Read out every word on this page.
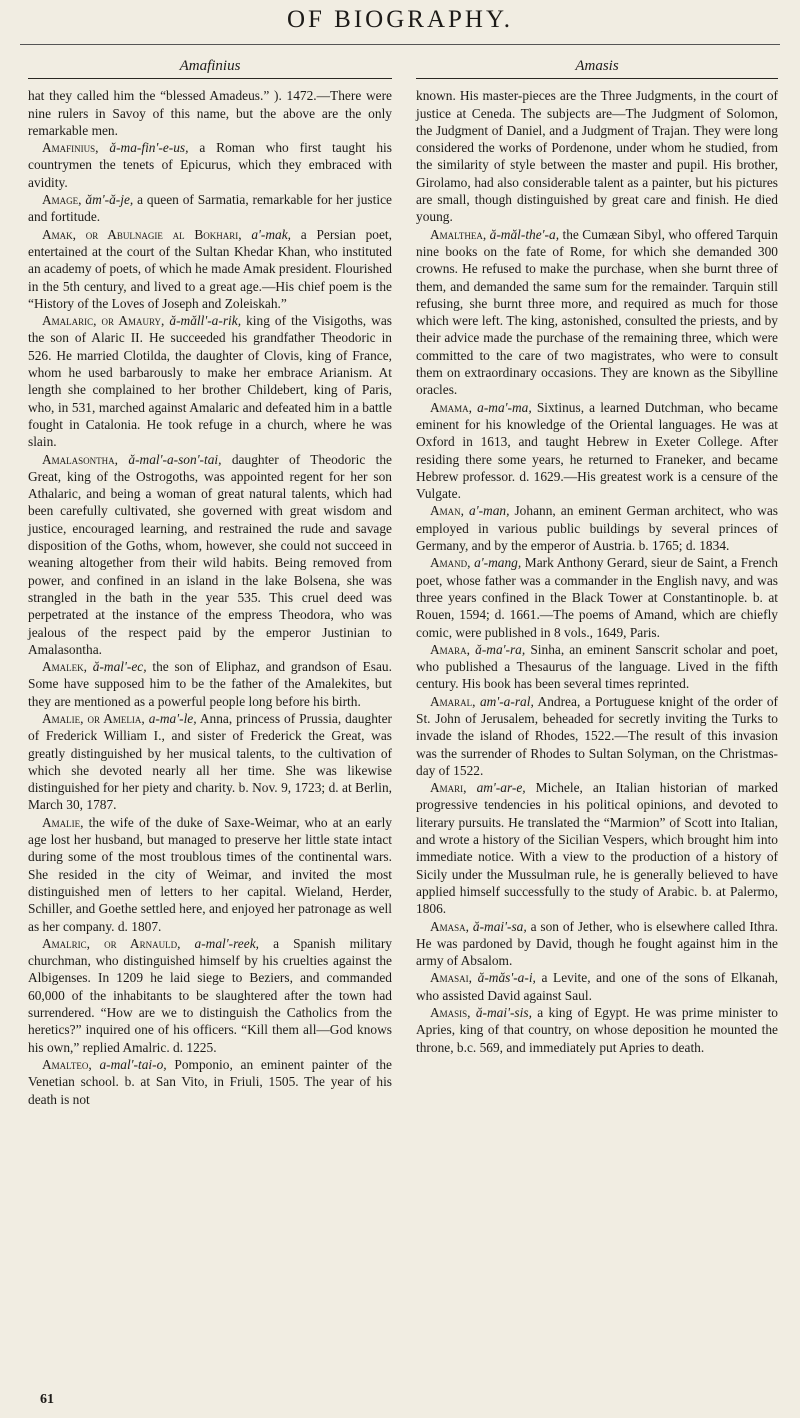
OF BIOGRAPHY.
Amafinius

hat they called him the “blessed Amadeus.” ). 1472.—There were nine rulers in Savoy of this name, but the above are the only remarkable men.

Amafinius, ă-ma-fin'-e-us, a Roman who first taught his countrymen the tenets of Epicurus, which they embraced with avidity.

Amage, ăm'-ă-je, a queen of Sarmatia, remarkable for her justice and fortitude.

Amak, or Abulnagie al Bokhari, a'-mak, a Persian poet, entertained at the court of the Sultan Khedar Khan, who instituted an academy of poets, of which he made Amak president. Flourished in the 5th century, and lived to a great age.—His chief poem is the “History of the Loves of Joseph and Zoleiskah.”

Amalaric, or Amaury, ă-măll'-a-rik, king of the Visigoths, was the son of Alaric II. He succeeded his grandfather Theodoric in 526. He married Clotilda, the daughter of Clovis, king of France, whom he used barbarously to make her embrace Arianism. At length she complained to her brother Childebert, king of Paris, who, in 531, marched against Amalaric and defeated him in a battle fought in Catalonia. He took refuge in a church, where he was slain.

Amalasontha, ă-mal'-a-son'-tai, daughter of Theodoric the Great, king of the Ostrogoths, was appointed regent for her son Athalaric, and being a woman of great natural talents, which had been carefully cultivated, she governed with great wisdom and justice, encouraged learning, and restrained the rude and savage disposition of the Goths, whom, however, she could not succeed in weaning altogether from their wild habits. Being removed from power, and confined in an island in the lake Bolsena, she was strangled in the bath in the year 535. This cruel deed was perpetrated at the instance of the empress Theodora, who was jealous of the respect paid by the emperor Justinian to Amalasontha.

Amalek, ă-mal'-ec, the son of Eliphaz, and grandson of Esau. Some have supposed him to be the father of the Amalekites, but they are mentioned as a powerful people long before his birth.

Amalie, or Amelia, a-ma'-le, Anna, princess of Prussia, daughter of Frederick William I., and sister of Frederick the Great, was greatly distinguished by her musical talents, to the cultivation of which she devoted nearly all her time. She was likewise distinguished for her piety and charity. b. Nov. 9, 1723; d. at Berlin, March 30, 1787.

Amalie, the wife of the duke of Saxe-Weimar, who at an early age lost her husband, but managed to preserve her little state intact during some of the most troublous times of the continental wars. She resided in the city of Weimar, and invited the most distinguished men of letters to her capital. Wieland, Herder, Schiller, and Goethe settled here, and enjoyed her patronage as well as her company. d. 1807.

Amalric, or Arnauld, a-mal'-reek, a Spanish military churchman, who distinguished himself by his cruelties against the Albigenses. In 1209 he laid siege to Beziers, and commanded 60,000 of the inhabitants to be slaughtered after the town had surrendered. “How are we to distinguish the Catholics from the heretics?” inquired one of his officers. “Kill them all—God knows his own,” replied Amalric. d. 1225.

Amalteo, a-mal'-tai-o, Pomponio, an eminent painter of the Venetian school. b. at San Vito, in Friuli, 1505. The year of his death is not

Amasis

known. His master-pieces are the Three Judgments, in the court of justice at Ceneda. The subjects are—The Judgment of Solomon, the Judgment of Daniel, and a Judgment of Trajan. They were long considered the works of Pordenone, under whom he studied, from the similarity of style between the master and pupil. His brother, Girolamo, had also considerable talent as a painter, but his pictures are small, though distinguished by great care and finish. He died young.

Amalthea, ă-măl-the'-a, the Cumæan Sibyl, who offered Tarquin nine books on the fate of Rome, for which she demanded 300 crowns. He refused to make the purchase, when she burnt three of them, and demanded the same sum for the remainder. Tarquin still refusing, she burnt three more, and required as much for those which were left. The king, astonished, consulted the priests, and by their advice made the purchase of the remaining three, which were committed to the care of two magistrates, who were to consult them on extraordinary occasions. They are known as the Sibylline oracles.

Amama, a-ma'-ma, Sixtinus, a learned Dutchman, who became eminent for his knowledge of the Oriental languages. He was at Oxford in 1613, and taught Hebrew in Exeter College. After residing there some years, he returned to Franeker, and became Hebrew professor. d. 1629.—His greatest work is a censure of the Vulgate.

Aman, a'-man, Johann, an eminent German architect, who was employed in various public buildings by several princes of Germany, and by the emperor of Austria. b. 1765; d. 1834.

Amand, a'-mang, Mark Anthony Gerard, sieur de Saint, a French poet, whose father was a commander in the English navy, and was three years confined in the Black Tower at Constantinople. b. at Rouen, 1594; d. 1661.—The poems of Amand, which are chiefly comic, were published in 8 vols., 1649, Paris.

Amara, ă-ma'-ra, Sinha, an eminent Sanscrit scholar and poet, who published a Thesaurus of the language. Lived in the fifth century. His book has been several times reprinted.

Amaral, am'-a-ral, Andrea, a Portuguese knight of the order of St. John of Jerusalem, beheaded for secretly inviting the Turks to invade the island of Rhodes, 1522.—The result of this invasion was the surrender of Rhodes to Sultan Solyman, on the Christmas-day of 1522.

Amari, am'-ar-e, Michele, an Italian historian of marked progressive tendencies in his political opinions, and devoted to literary pursuits. He translated the “Marmion” of Scott into Italian, and wrote a history of the Sicilian Vespers, which brought him into immediate notice. With a view to the production of a history of Sicily under the Mussulman rule, he is generally believed to have applied himself successfully to the study of Arabic. b. at Palermo, 1806.

Amasa, ă-mai'-sa, a son of Jether, who is elsewhere called Ithra. He was pardoned by David, though he fought against him in the army of Absalom.

Amasai, ă-măs'-a-i, a Levite, and one of the sons of Elkanah, who assisted David against Saul.

Amasis, ă-mai'-sis, a king of Egypt. He was prime minister to Apries, king of that country, on whose deposition he mounted the throne, b.c. 569, and immediately put Apries to death.

61
